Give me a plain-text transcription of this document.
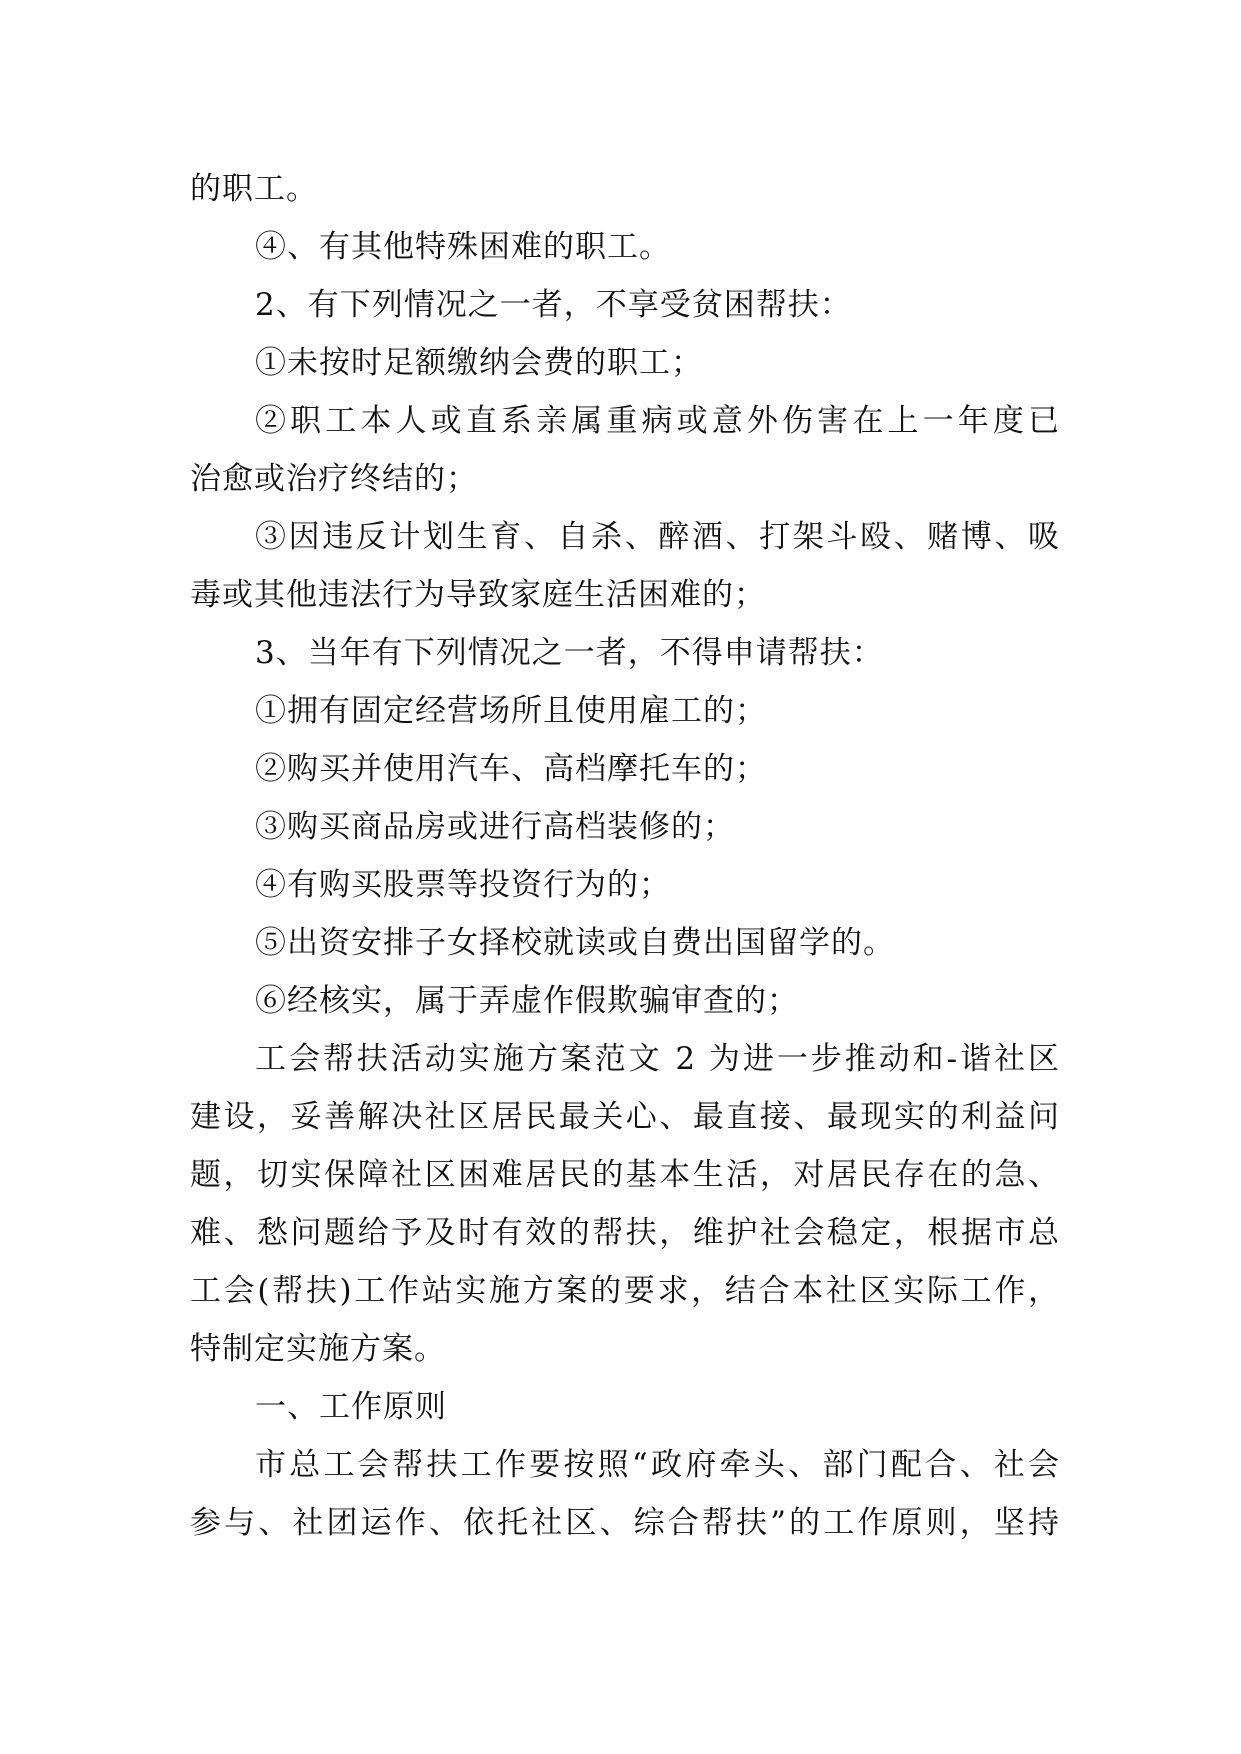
的职工。
④、有其他特殊困难的职工。
2、有下列情况之一者，不享受贫困帮扶：
①未按时足额缴纳会费的职工；
②职工本人或直系亲属重病或意外伤害在上一年度已
治愈或治疗终结的；
③因违反计划生育、自杀、醉酒、打架斗殴、赌博、吸
毒或其他违法行为导致家庭生活困难的；
3、当年有下列情况之一者，不得申请帮扶：
①拥有固定经营场所且使用雇工的；
②购买并使用汽车、高档摩托车的；
③购买商品房或进行高档装修的；
④有购买股票等投资行为的；
⑤出资安排子女择校就读或自费出国留学的。
⑥经核实，属于弄虚作假欺骗审查的；
工会帮扶活动实施方案范文 2 为进一步推动和-谐社区
建设，妥善解决社区居民最关心、最直接、最现实的利益问
题，切实保障社区困难居民的基本生活，对居民存在的急、
难、愁问题给予及时有效的帮扶，维护社会稳定，根据市总
工会(帮扶)工作站实施方案的要求，结合本社区实际工作，
特制定实施方案。
一、工作原则
市总工会帮扶工作要按照“政府牵头、部门配合、社会
参与、社团运作、依托社区、综合帮扶”的工作原则，坚持
